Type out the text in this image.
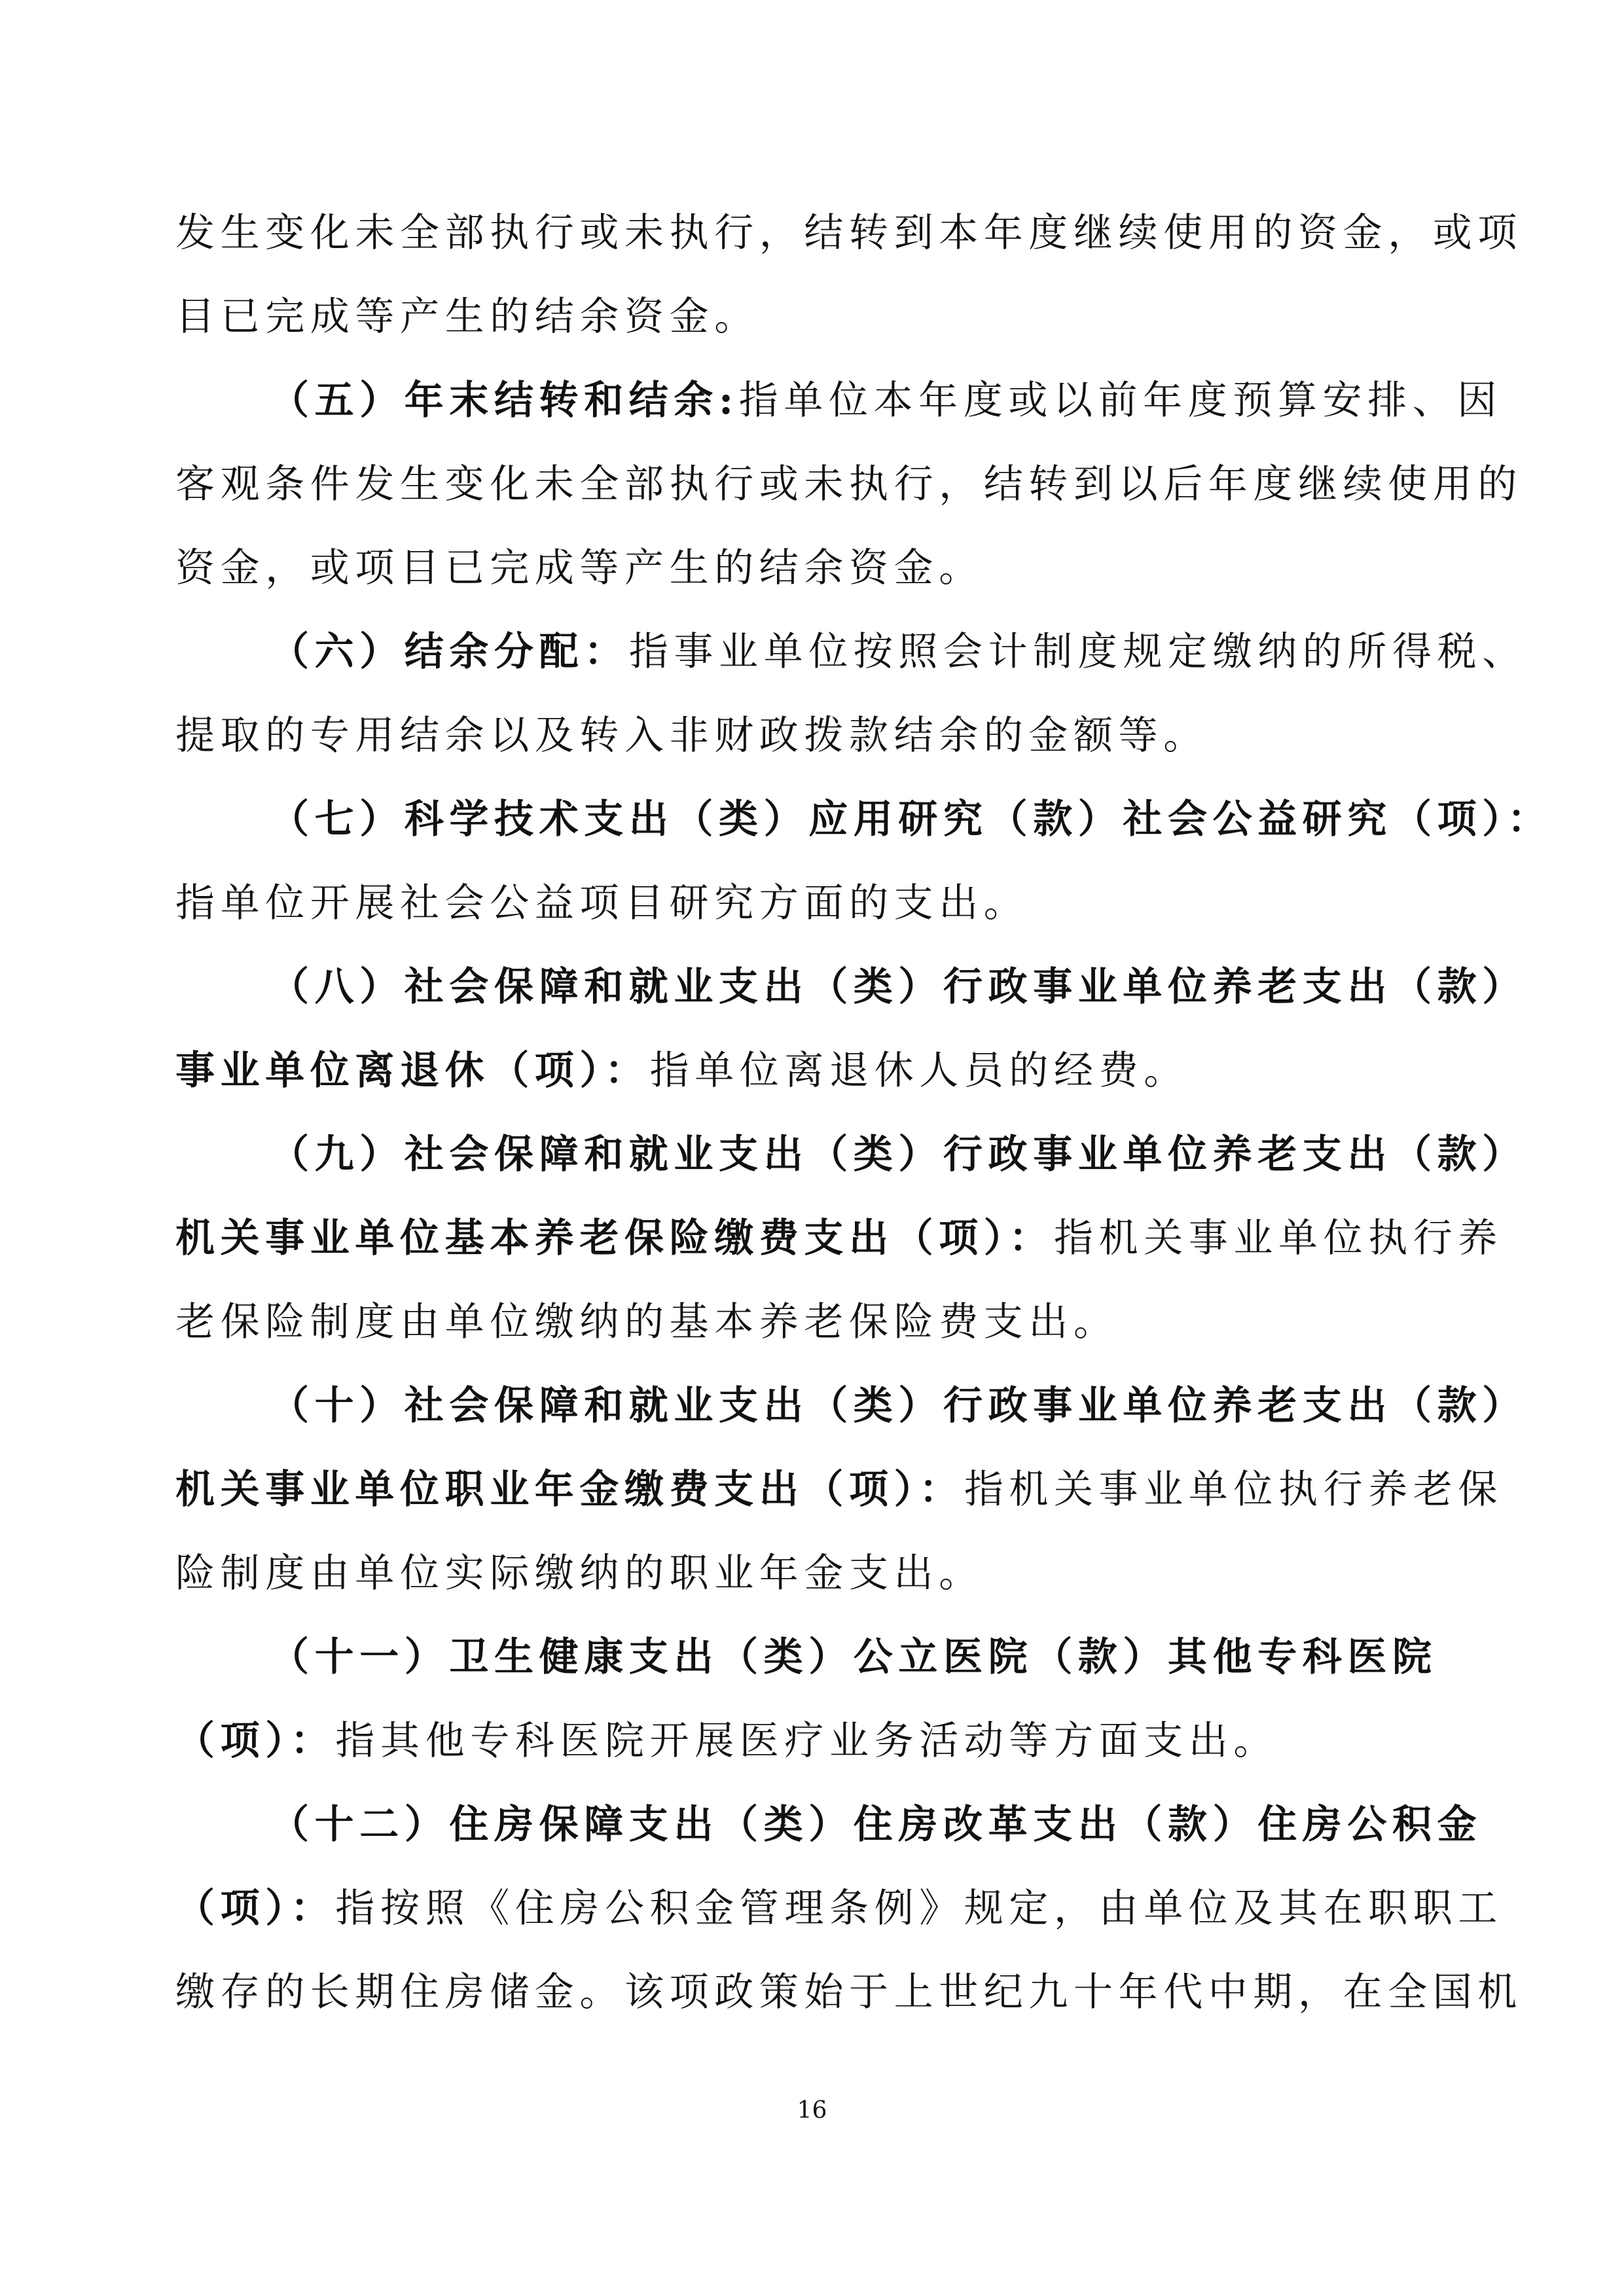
发生变化未全部执行或未执行，结转到本年度继续使用的资金，或项
目已完成等产生的结余资金。
（五）年末结转和结余:指单位本年度或以前年度预算安排、因
客观条件发生变化未全部执行或未执行，结转到以后年度继续使用的
资金，或项目已完成等产生的结余资金。
（六）结余分配：指事业单位按照会计制度规定缴纳的所得税、
提取的专用结余以及转入非财政拨款结余的金额等。
（七）科学技术支出（类）应用研究（款）社会公益研究（项）：
指单位开展社会公益项目研究方面的支出。
（八）社会保障和就业支出（类）行政事业单位养老支出（款）
事业单位离退休（项）：指单位离退休人员的经费。
（九）社会保障和就业支出（类）行政事业单位养老支出（款）
机关事业单位基本养老保险缴费支出（项）：指机关事业单位执行养
老保险制度由单位缴纳的基本养老保险费支出。
（十）社会保障和就业支出（类）行政事业单位养老支出（款）
机关事业单位职业年金缴费支出（项）：指机关事业单位执行养老保
险制度由单位实际缴纳的职业年金支出。
（十一）卫生健康支出（类）公立医院（款）其他专科医院
（项）：指其他专科医院开展医疗业务活动等方面支出。
（十二）住房保障支出（类）住房改革支出（款）住房公积金
（项）：指按照《住房公积金管理条例》规定，由单位及其在职职工
缴存的长期住房储金。该项政策始于上世纪九十年代中期，在全国机
16
